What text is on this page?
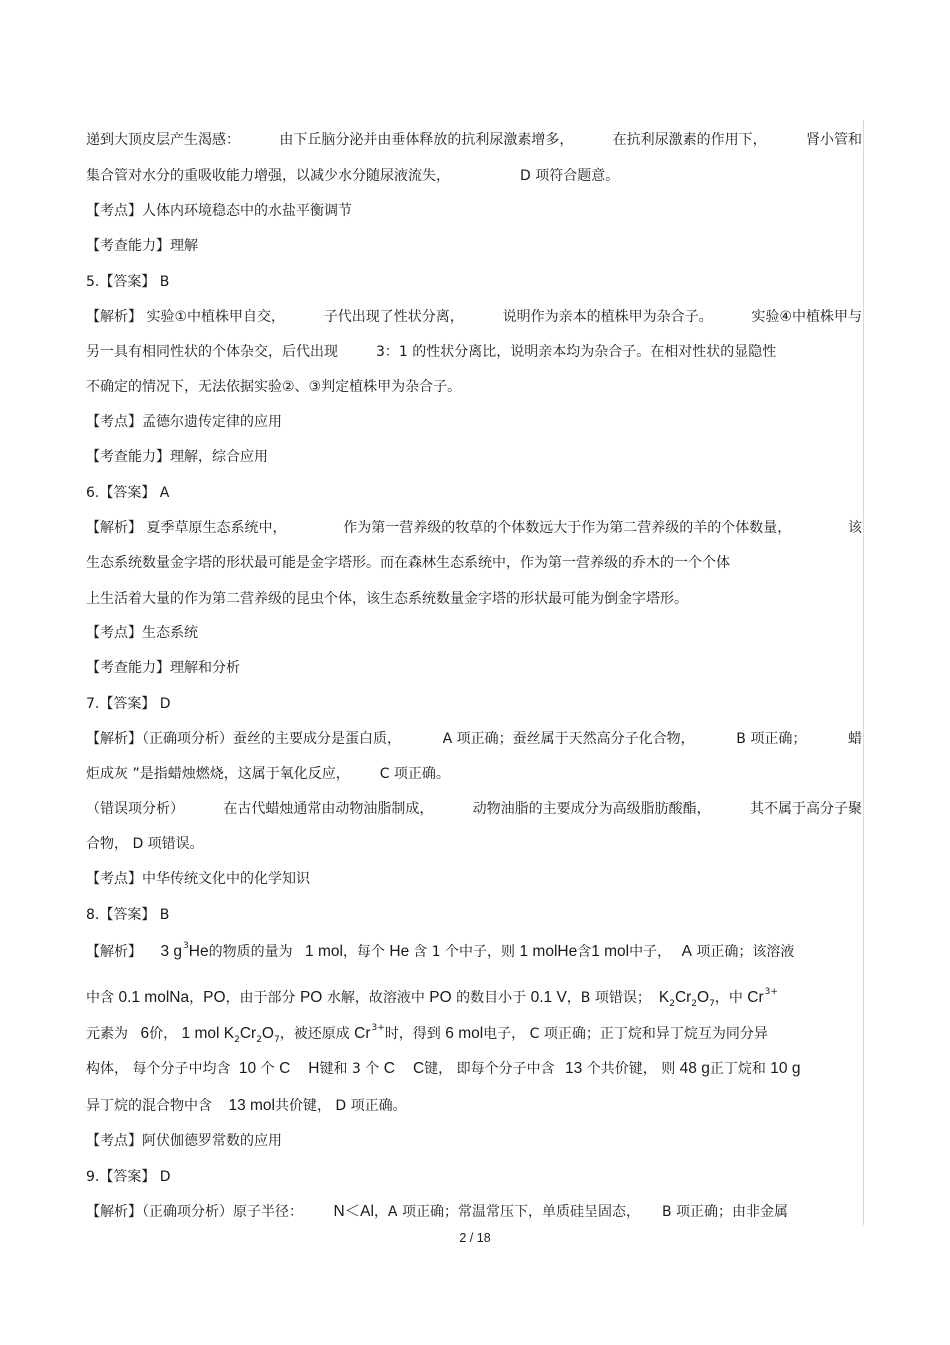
递到大顶皮层产生渴感：	由下丘脑分泌并由垂体释放的抗利尿激素增多，	在抗利尿激素的作用下，	肾小管和
集合管对水分的重吸收能力增强，以减少水分随尿液流失，	D 项符合题意。
【考点】人体内环境稳态中的水盐平衡调节
【考查能力】理解
5.【答案】 B
【解析】 实验①中植株甲自交，	子代出现了性状分离，	说明作为亲本的植株甲为杂合子。	实验④中植株甲与
另一具有相同性状的个体杂交，后代出现	3：1 的性状分离比，说明亲本均为杂合子。在相对性状的显隐性
不确定的情况下，无法依据实验②、③判定植株甲为杂合子。
【考点】孟德尔遗传定律的应用
【考查能力】理解，综合应用
6.【答案】 A
【解析】 夏季草原生态系统中，	作为第一营养级的牧草的个体数远大于作为第二营养级的羊的个体数量，	该
生态系统数量金字塔的形状最可能是金字塔形。而在森林生态系统中，作为第一营养级的乔木的一个个体
上生活着大量的作为第二营养级的昆虫个体，该生态系统数量金字塔的形状最可能为倒金字塔形。
【考点】生态系统
【考查能力】理解和分析
7.【答案】 D
【解析】（正确项分析）蚕丝的主要成分是蛋白质，	A 项正确；蚕丝属于天然高分子化合物，	B 项正确；	蜡
炬成灰 ”是指蜡烛燃烧，这属于氧化反应， C 项正确。
（错误项分析）	在古代蜡烛通常由动物油脂制成，	动物油脂的主要成分为高级脂肪酸酯，	其不属于高分子聚
合物， D 项错误。
【考点】中华传统文化中的化学知识
8.【答案】 B
【解析】 3 $g^3He$的物质的量为 1 mol，每个 He 含 1 个中子，则 1 molHe含1 mol中子， A 项正确；该溶液
中含 0.1 molNa，PO，由于部分 PO 水解，故溶液中 PO 的数目小于 0.1 V，B 项错误； $K_2Cr_2O_7$，中 $Cr^{3+}$
元素为 6价， 1 mol $K_2Cr_2O_7$，被还原成 $Cr^{3+}$时，得到 6 mol电子， C 项正确；正丁烷和异丁烷互为同分异
构体， 每个分子中均含 10 个 C H键和 3 个 C C键， 即每个分子中含 13 个共价键， 则 48 g正丁烷和 10 g
异丁烷的混合物中含 13 mol共价键， D 项正确。
【考点】阿伏伽德罗常数的应用
9.【答案】 D
【解析】（正确项分析）原子半径： N＜Al，A 项正确；常温常压下，单质硅呈固态， B 项正确；由非金属
2 / 18
